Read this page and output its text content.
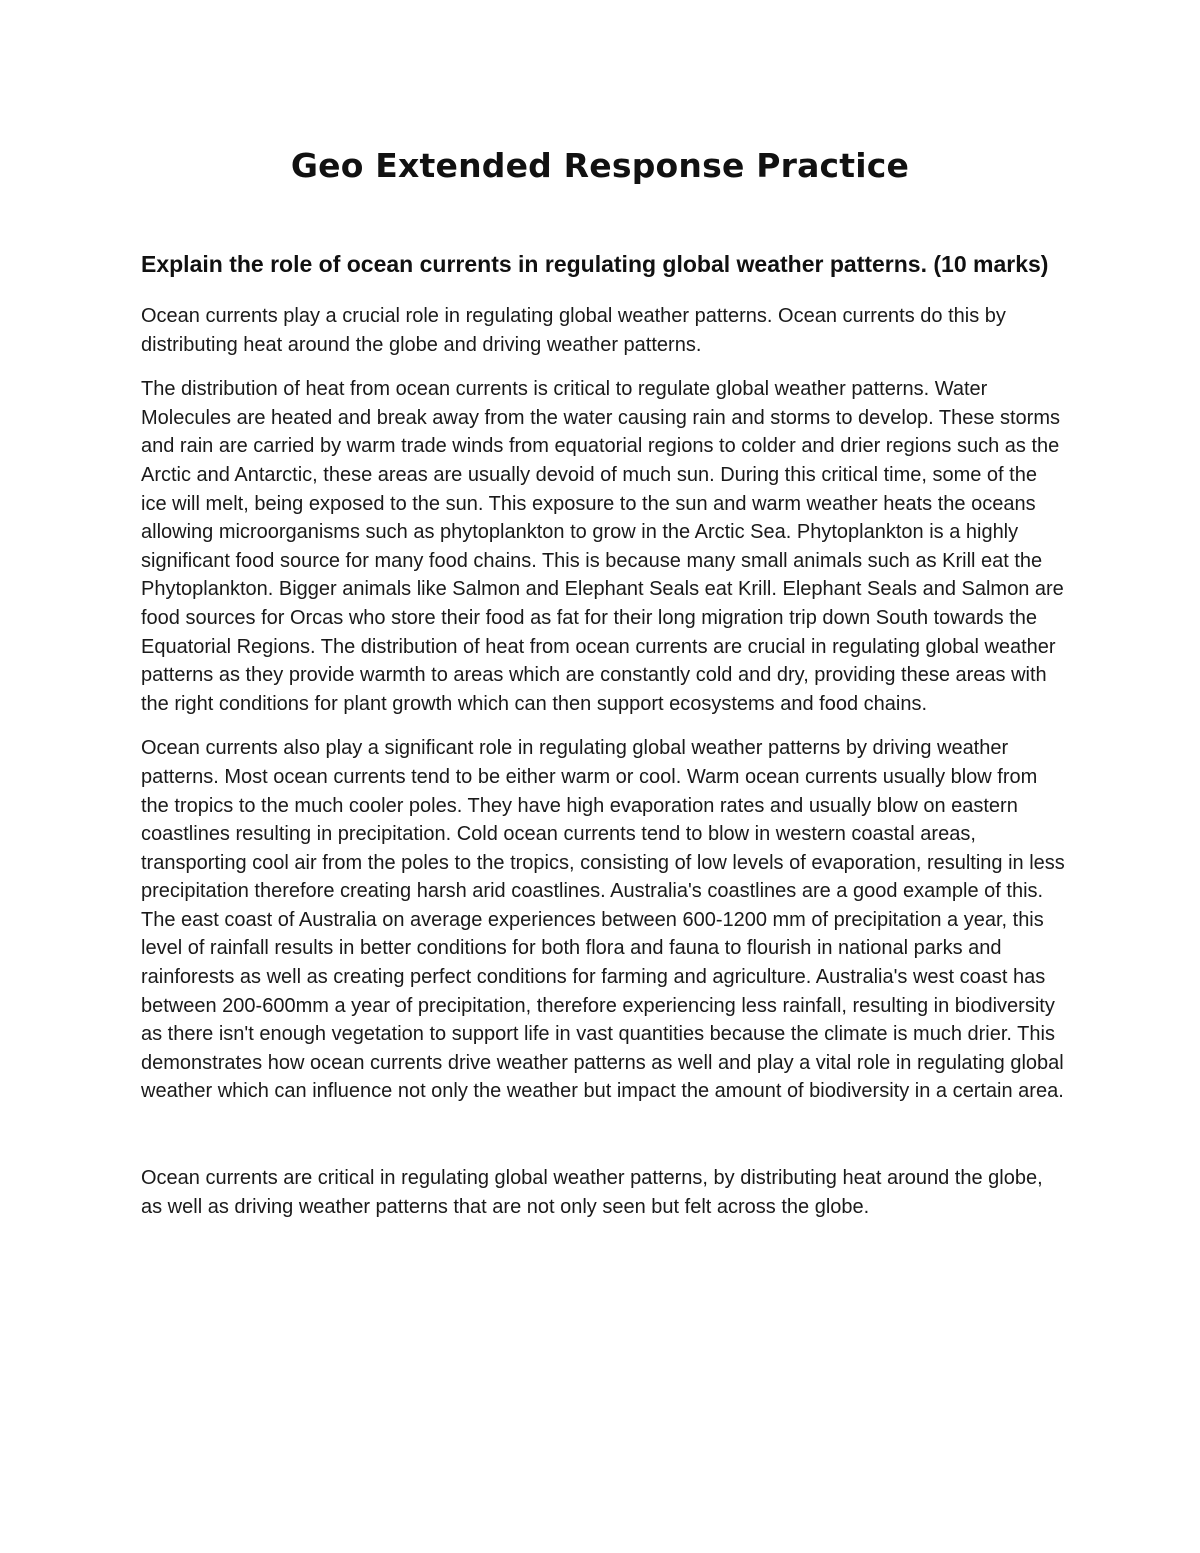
Geo Extended Response Practice

Explain the role of ocean currents in regulating global weather patterns. (10 marks)

Ocean currents play a crucial role in regulating global weather patterns. Ocean currents do this by distributing heat around the globe and driving weather patterns.

The distribution of heat from ocean currents is critical to regulate global weather patterns. Water Molecules are heated and break away from the water causing rain and storms to develop. These storms and rain are carried by warm trade winds from equatorial regions to colder and drier regions such as the Arctic and Antarctic, these areas are usually devoid of much sun. During this critical time, some of the ice will melt, being exposed to the sun. This exposure to the sun and warm weather heats the oceans allowing microorganisms such as phytoplankton to grow in the Arctic Sea. Phytoplankton is a highly significant food source for many food chains. This is because many small animals such as Krill eat the Phytoplankton. Bigger animals like Salmon and Elephant Seals eat Krill. Elephant Seals and Salmon are food sources for Orcas who store their food as fat for their long migration trip down South towards the Equatorial Regions. The distribution of heat from ocean currents are crucial in regulating global weather patterns as they provide warmth to areas which are constantly cold and dry, providing these areas with the right conditions for plant growth which can then support ecosystems and food chains.

Ocean currents also play a significant role in regulating global weather patterns by driving weather patterns. Most ocean currents tend to be either warm or cool. Warm ocean currents usually blow from the tropics to the much cooler poles. They have high evaporation rates and usually blow on eastern coastlines resulting in precipitation. Cold ocean currents tend to blow in western coastal areas, transporting cool air from the poles to the tropics, consisting of low levels of evaporation, resulting in less precipitation therefore creating harsh arid coastlines. Australia's coastlines are a good example of this. The east coast of Australia on average experiences between 600-1200 mm of precipitation a year, this level of rainfall results in better conditions for both flora and fauna to flourish in national parks and rainforests as well as creating perfect conditions for farming and agriculture. Australia's west coast has between 200-600mm a year of precipitation, therefore experiencing less rainfall, resulting in biodiversity as there isn't enough vegetation to support life in vast quantities because the climate is much drier. This demonstrates how ocean currents drive weather patterns as well and play a vital role in regulating global weather which can influence not only the weather but impact the amount of biodiversity in a certain area.

Ocean currents are critical in regulating global weather patterns, by distributing heat around the globe, as well as driving weather patterns that are not only seen but felt across the globe.
